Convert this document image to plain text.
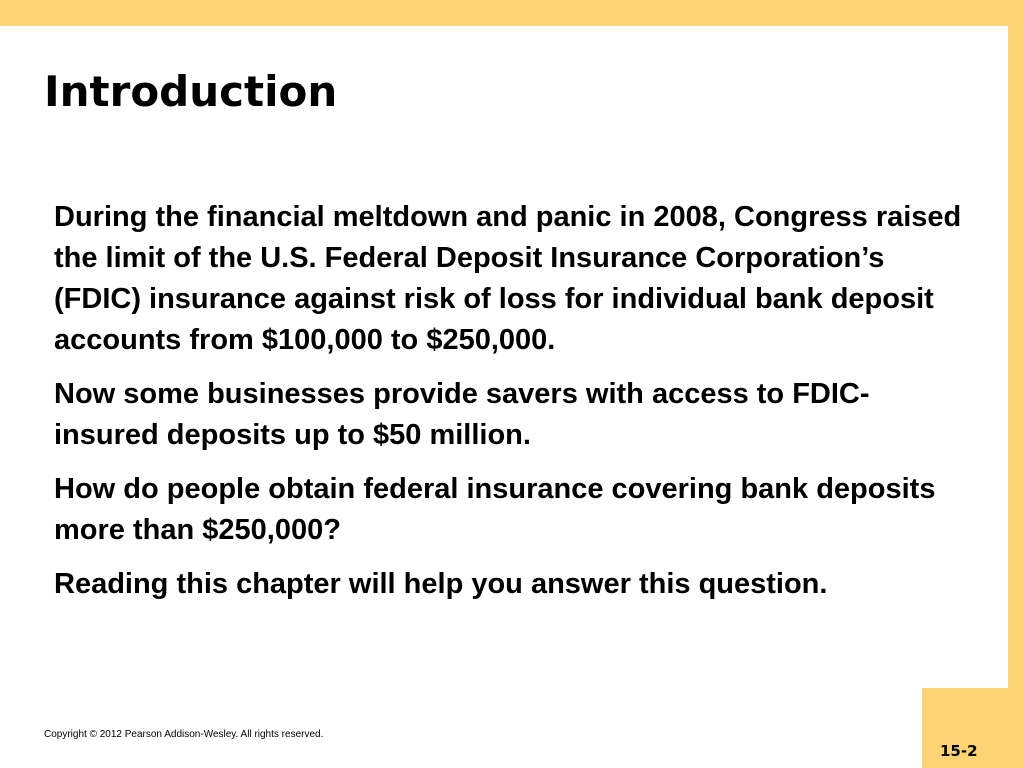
Introduction

During the financial meltdown and panic in 2008, Congress raised the limit of the U.S. Federal Deposit Insurance Corporation’s (FDIC) insurance against risk of loss for individual bank deposit accounts from $100,000 to $250,000.

Now some businesses provide savers with access to FDIC-insured deposits up to $50 million.

How do people obtain federal insurance covering bank deposits more than $250,000?

Reading this chapter will help you answer this question.

Copyright © 2012 Pearson Addison-Wesley. All rights reserved.
15-2
